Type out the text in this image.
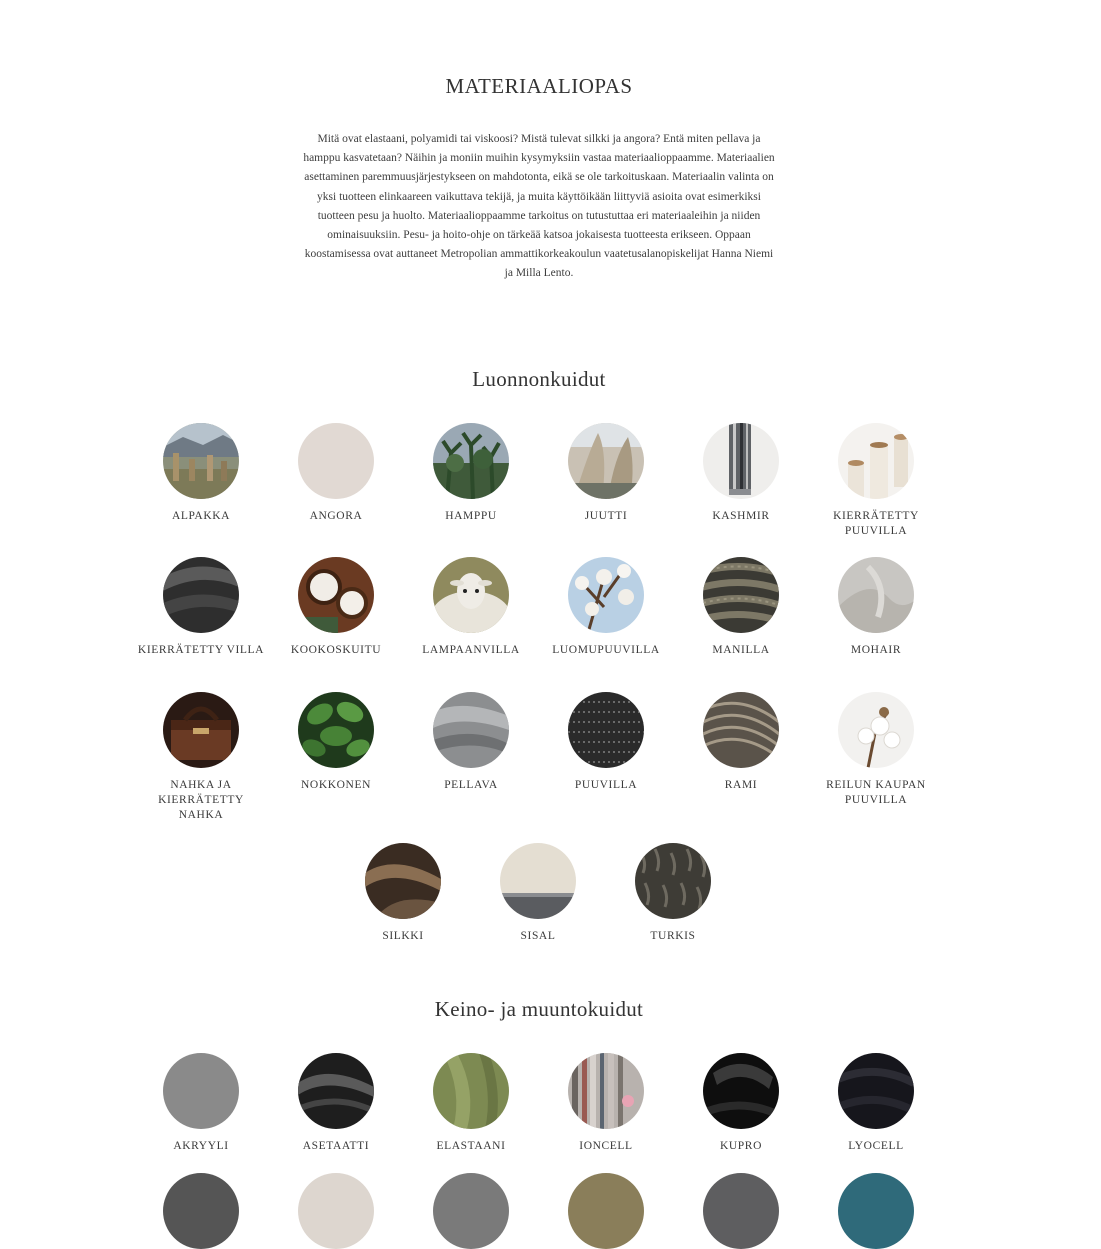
MATERIAALIOPAS

Mitä ovat elastaani, polyamidi tai viskoosi? Mistä tulevat silkki ja angora? Entä miten pellava ja hamppu kasvatetaan? Näihin ja moniin muihin kysymyksiin vastaa materiaalioppaamme. Materiaalien asettaminen paremmuusjärjestykseen on mahdotonta, eikä se ole tarkoituskaan. Materiaalin valinta on yksi tuotteen elinkaareen vaikuttava tekijä, ja muita käyttöikään liittyviä asioita ovat esimerkiksi tuotteen pesu ja huolto. Materiaalioppaamme tarkoitus on tutustuttaa eri materiaaleihin ja niiden ominaisuuksiin. Pesu- ja hoito-ohje on tärkeää katsoa jokaisesta tuotteesta erikseen. Oppaan koostamisessa ovat auttaneet Metropolian ammattikorkeakoulun vaatetusalanopiskelijat Hanna Niemi ja Milla Lento.

Luonnonkuidut
ALPAKKA	ANGORA	HAMPPU	JUUTTI	KASHMIR	KIERRÄTETTY PUUVILLA
KIERRÄTETTY VILLA	KOOKOSKUITU	LAMPAANVILLA	LUOMUPUUVILLA	MANILLA	MOHAIR
NAHKA JA KIERRÄTETTY NAHKA
NOKKONEN	PELLAVA	PUUVILLA	RAMI	REILUN KAUPAN PUUVILLA
SILKKI	SISAL	TURKIS
Keino- ja muuntokuidut
AKRYYLI	ASETAATTI	ELASTAANI	IONCELL	KUPRO	LYOCELL
